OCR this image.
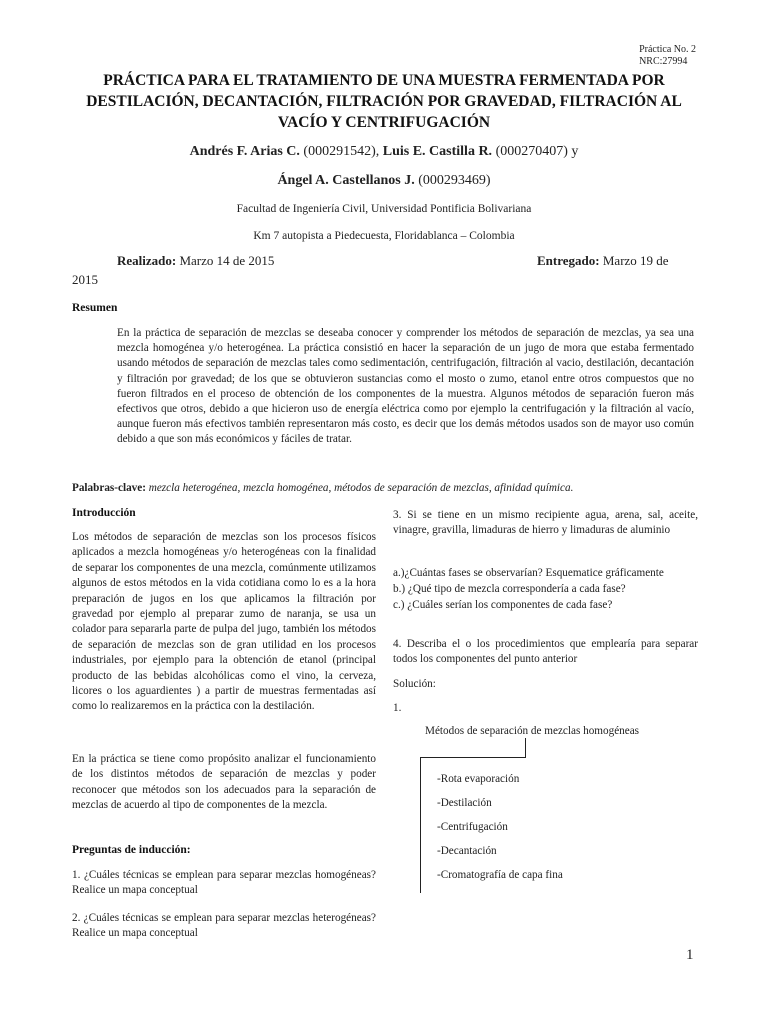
Práctica No. 2
NRC:27994
PRÁCTICA PARA EL TRATAMIENTO DE UNA MUESTRA FERMENTADA POR
DESTILACIÓN, DECANTACIÓN, FILTRACIÓN POR GRAVEDAD, FILTRACIÓN AL
VACÍO Y CENTRIFUGACIÓN
Andrés F. Arias C. (000291542), Luis E. Castilla R. (000270407) y
Ángel A. Castellanos J. (000293469)
Facultad de Ingeniería Civil, Universidad Pontificia Bolivariana
Km 7 autopista a Piedecuesta, Floridablanca – Colombia
Realizado: Marzo 14 de 2015	Entregado: Marzo 19 de
2015
Resumen
En la práctica de separación de mezclas se deseaba conocer y comprender los métodos de separación de mezclas, ya sea una mezcla homogénea y/o heterogénea. La práctica consistió en hacer la separación de un jugo de mora que estaba fermentado usando métodos de separación de mezclas tales como sedimentación, centrifugación, filtración al vacio, destilación, decantación y filtración por gravedad; de los que se obtuvieron sustancias como el mosto o zumo, etanol entre otros compuestos que no fueron filtrados en el proceso de obtención de los componentes de la muestra. Algunos métodos de separación fueron más efectivos que otros, debido a que hicieron uso de energía eléctrica como por ejemplo la centrifugación y la filtración al vacío, aunque fueron más efectivos también representaron más costo, es decir que los demás métodos usados son de mayor uso común debido a que son más económicos y fáciles de tratar.
Palabras-clave: mezcla heterogénea, mezcla homogénea, métodos de separación de mezclas, afinidad química.
Introducción
Los métodos de separación de mezclas son los procesos físicos aplicados a mezcla homogéneas y/o heterogéneas con la finalidad de separar los componentes de una mezcla, comúnmente utilizamos algunos de estos métodos en la vida cotidiana como lo es a la hora preparación de jugos en los que aplicamos la filtración por gravedad por ejemplo al preparar zumo de naranja, se usa un colador para separarla parte de pulpa del jugo, también los métodos de separación de mezclas son de gran utilidad en los procesos industriales, por ejemplo para la obtención de etanol (principal producto de las bebidas alcohólicas como el vino, la cerveza, licores o los aguardientes ) a partir de muestras fermentadas así como lo realizaremos en la práctica con la destilación.
En la práctica se tiene como propósito analizar el funcionamiento de los distintos métodos de separación de mezclas y poder reconocer que métodos son los adecuados para la separación de mezclas de acuerdo al tipo de componentes de la mezcla.
Preguntas de inducción:
1. ¿Cuáles técnicas se emplean para separar mezclas homogéneas? Realice un mapa conceptual
2. ¿Cuáles técnicas se emplean para separar mezclas heterogéneas? Realice un mapa conceptual
3. Si se tiene en un mismo recipiente agua, arena, sal, aceite, vinagre, gravilla, limaduras de hierro y limaduras de aluminio
a.)¿Cuántas fases se observarían? Esquematice gráficamente
b.) ¿Qué tipo de mezcla correspondería a cada fase?
c.) ¿Cuáles serían los componentes de cada fase?
4. Describa el o los procedimientos que emplearía para separar todos los componentes del punto anterior
Solución:
1.
Métodos de separación de mezclas homogéneas
-Rota evaporación
-Destilación
-Centrifugación
-Decantación
-Cromatografía de capa fina
1
